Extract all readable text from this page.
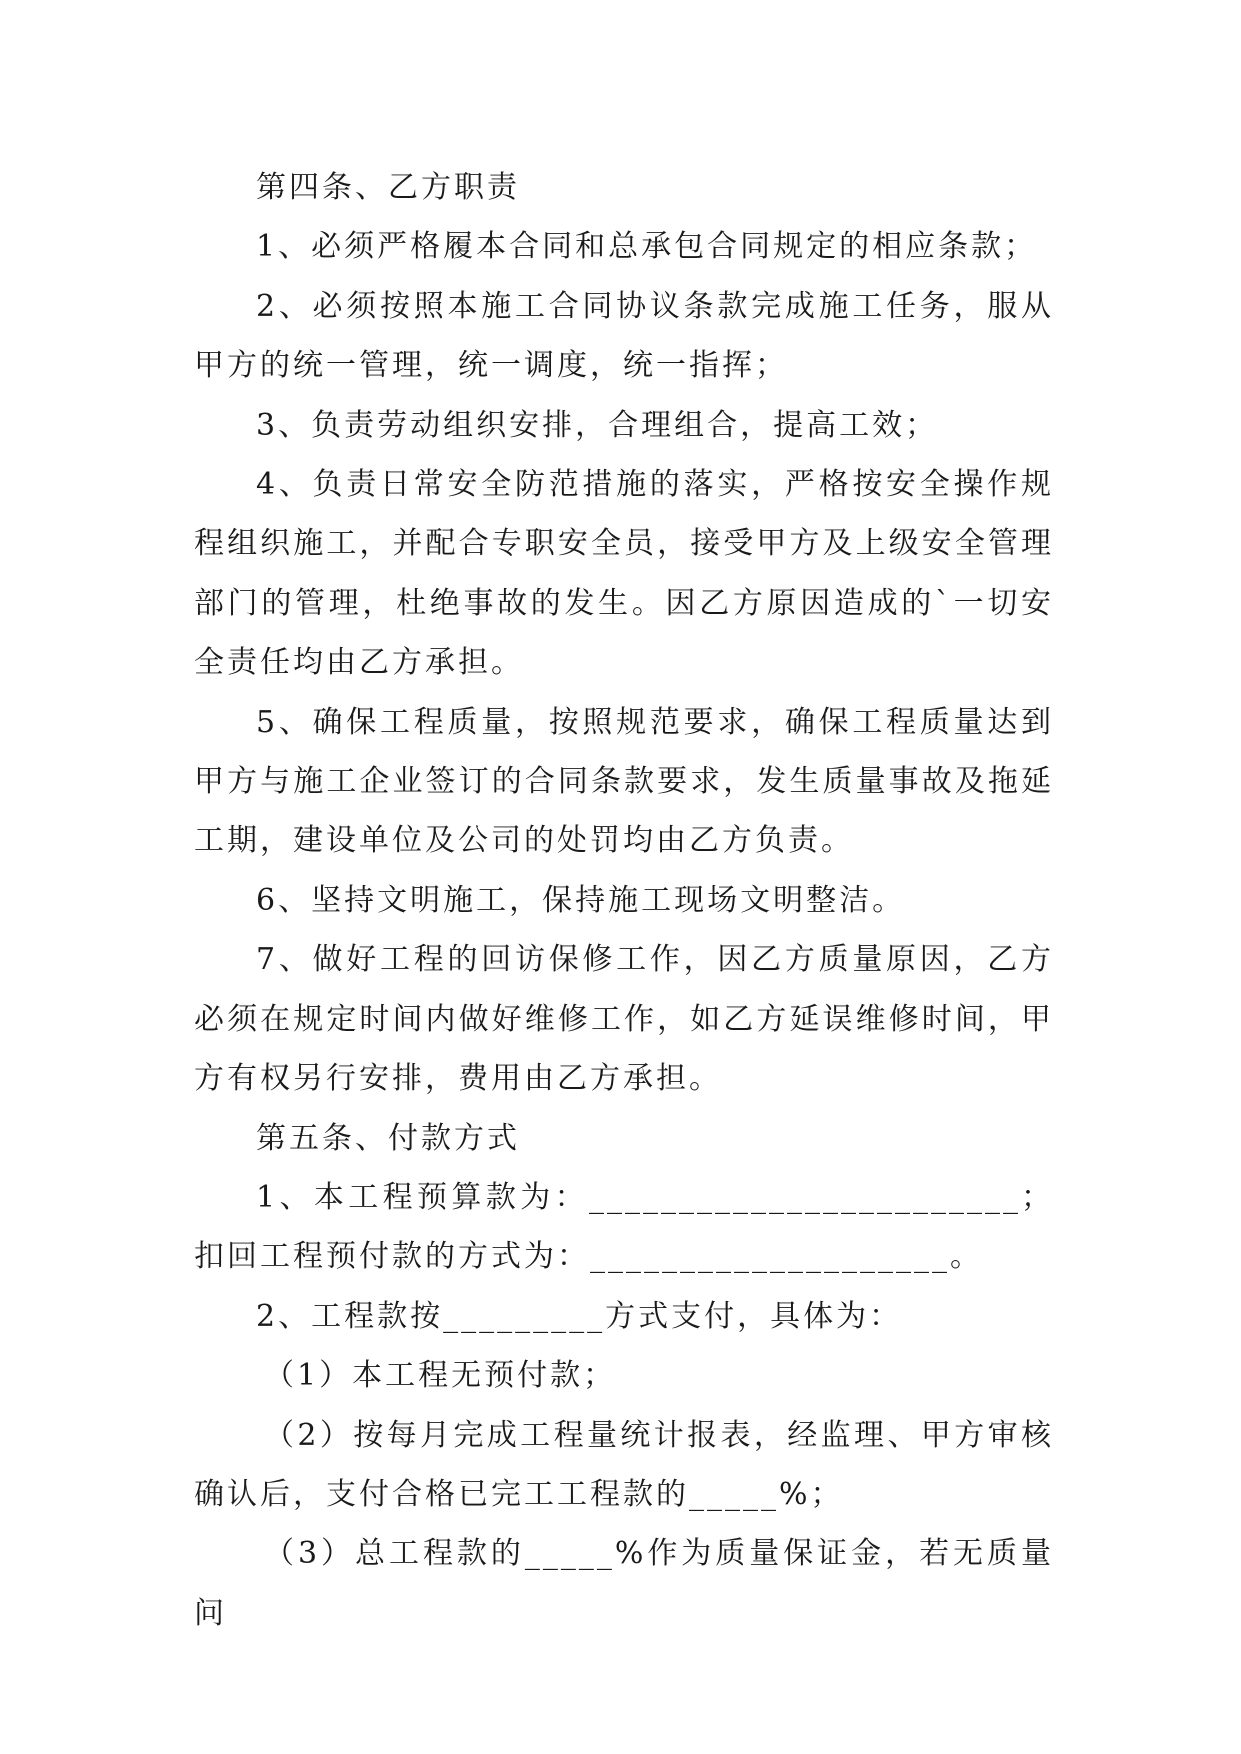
第四条、乙方职责

1、必须严格履本合同和总承包合同规定的相应条款；

2、必须按照本施工合同协议条款完成施工任务，服从甲方的统一管理，统一调度，统一指挥；

3、负责劳动组织安排，合理组合，提高工效；

4、负责日常安全防范措施的落实，严格按安全操作规程组织施工，并配合专职安全员，接受甲方及上级安全管理部门的管理，杜绝事故的发生。因乙方原因造成的`一切安全责任均由乙方承担。

5、确保工程质量，按照规范要求，确保工程质量达到甲方与施工企业签订的合同条款要求，发生质量事故及拖延工期，建设单位及公司的处罚均由乙方负责。

6、坚持文明施工，保持施工现场文明整洁。

7、做好工程的回访保修工作，因乙方质量原因，乙方必须在规定时间内做好维修工作，如乙方延误维修时间，甲方有权另行安排，费用由乙方承担。

第五条、付款方式

1、本工程预算款为：________________________；扣回工程预付款的方式为：____________________。

2、工程款按_________方式支付，具体为：

（1）本工程无预付款；

（2）按每月完成工程量统计报表，经监理、甲方审核确认后，支付合格已完工工程款的_____%；

（3）总工程款的_____%作为质量保证金，若无质量问
